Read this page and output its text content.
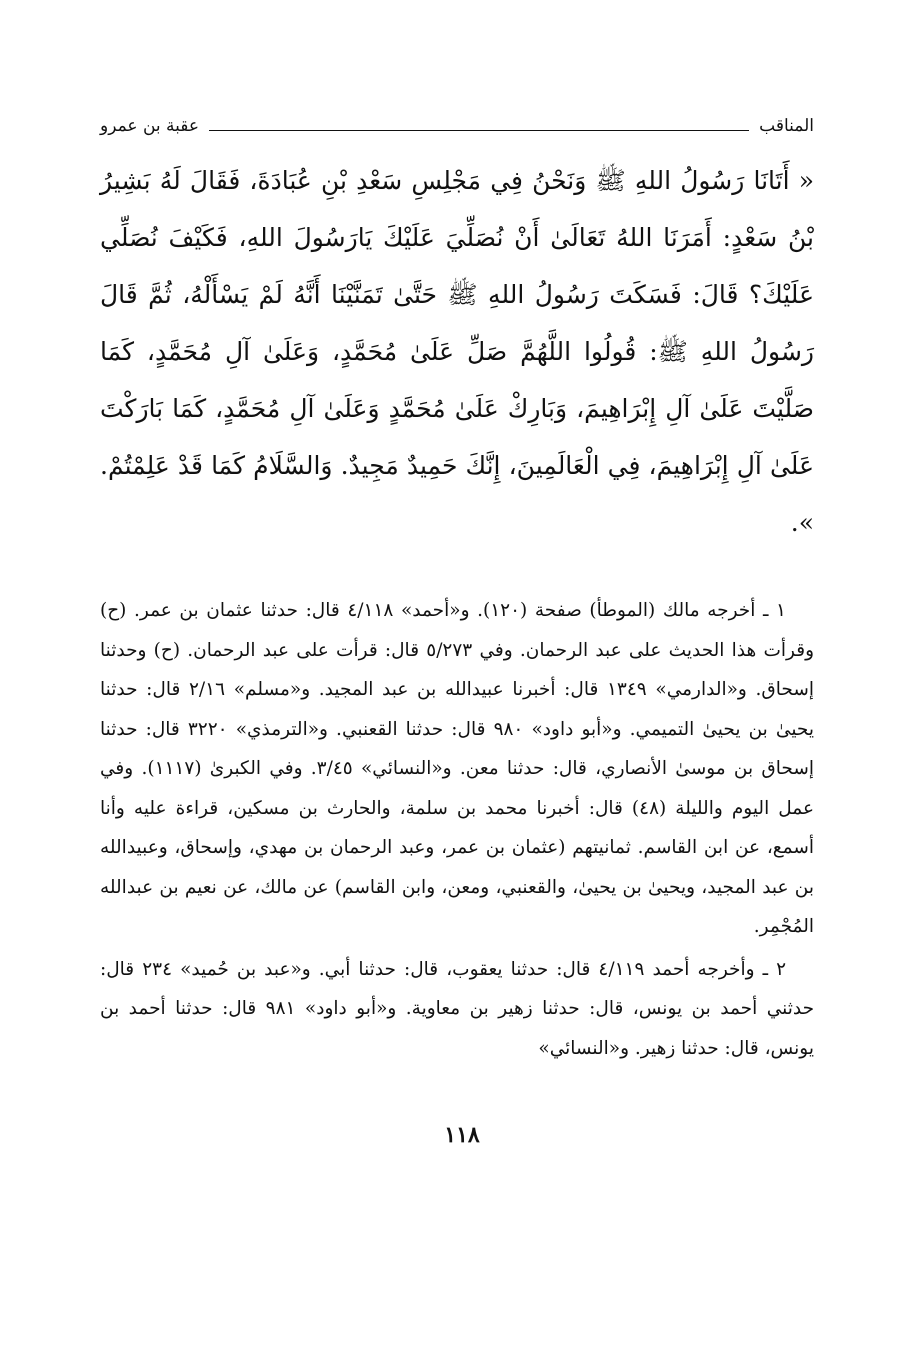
المناقب
عقبة بن عمرو

« أَتَانَا رَسُولُ اللهِ ﷺ وَنَحْنُ فِي مَجْلِسِ سَعْدِ بْنِ عُبَادَةَ، فَقَالَ لَهُ بَشِيرُ بْنُ سَعْدٍ: أَمَرَنَا اللهُ تَعَالَىٰ أَنْ نُصَلِّيَ عَلَيْكَ يَارَسُولَ اللهِ، فَكَيْفَ نُصَلِّي عَلَيْكَ؟ قَالَ: فَسَكَتَ رَسُولُ اللهِ ﷺ حَتَّىٰ تَمَنَّيْنَا أَنَّهُ لَمْ يَسْأَلْهُ، ثُمَّ قَالَ رَسُولُ اللهِ ﷺ: قُولُوا اللَّهُمَّ صَلِّ عَلَىٰ مُحَمَّدٍ، وَعَلَىٰ آلِ مُحَمَّدٍ، كَمَا صَلَّيْتَ عَلَىٰ آلِ إِبْرَاهِيمَ، وَبَارِكْ عَلَىٰ مُحَمَّدٍ وَعَلَىٰ آلِ مُحَمَّدٍ، كَمَا بَارَكْتَ عَلَىٰ آلِ إِبْرَاهِيمَ، فِي الْعَالَمِينَ، إِنَّكَ حَمِيدٌ مَجِيدٌ. وَالسَّلَامُ كَمَا قَدْ عَلِمْتُمْ. ».

١ ـ أخرجه مالك (الموطأ) صفحة (١٢٠). و«أحمد» ٤/١١٨ قال: حدثنا عثمان بن عمر. (ح) وقرأت هذا الحديث على عبد الرحمان. وفي ٥/٢٧٣ قال: قرأت على عبد الرحمان. (ح) وحدثنا إسحاق. و«الدارمي» ١٣٤٩ قال: أخبرنا عبيدالله بن عبد المجيد. و«مسلم» ٢/١٦ قال: حدثنا يحيىٰ بن يحيىٰ التميمي. و«أبو داود» ٩٨٠ قال: حدثنا القعنبي. و«الترمذي» ٣٢٢٠ قال: حدثنا إسحاق بن موسىٰ الأنصاري، قال: حدثنا معن. و«النسائي» ٣/٤٥. وفي الكبرىٰ (١١١٧). وفي عمل اليوم والليلة (٤٨) قال: أخبرنا محمد بن سلمة، والحارث بن مسكين، قراءة عليه وأنا أسمع، عن ابن القاسم. ثمانيتهم (عثمان بن عمر، وعبد الرحمان بن مهدي، وإسحاق، وعبيدالله بن عبد المجيد، ويحيىٰ بن يحيىٰ، والقعنبي، ومعن، وابن القاسم) عن مالك، عن نعيم بن عبدالله المُجْمِر.

٢ ـ وأخرجه أحمد ٤/١١٩ قال: حدثنا يعقوب، قال: حدثنا أبي. و«عبد بن حُميد» ٢٣٤ قال: حدثني أحمد بن يونس، قال: حدثنا زهير بن معاوية. و«أبو داود» ٩٨١ قال: حدثنا أحمد بن يونس، قال: حدثنا زهير. و«النسائي»

١١٨
